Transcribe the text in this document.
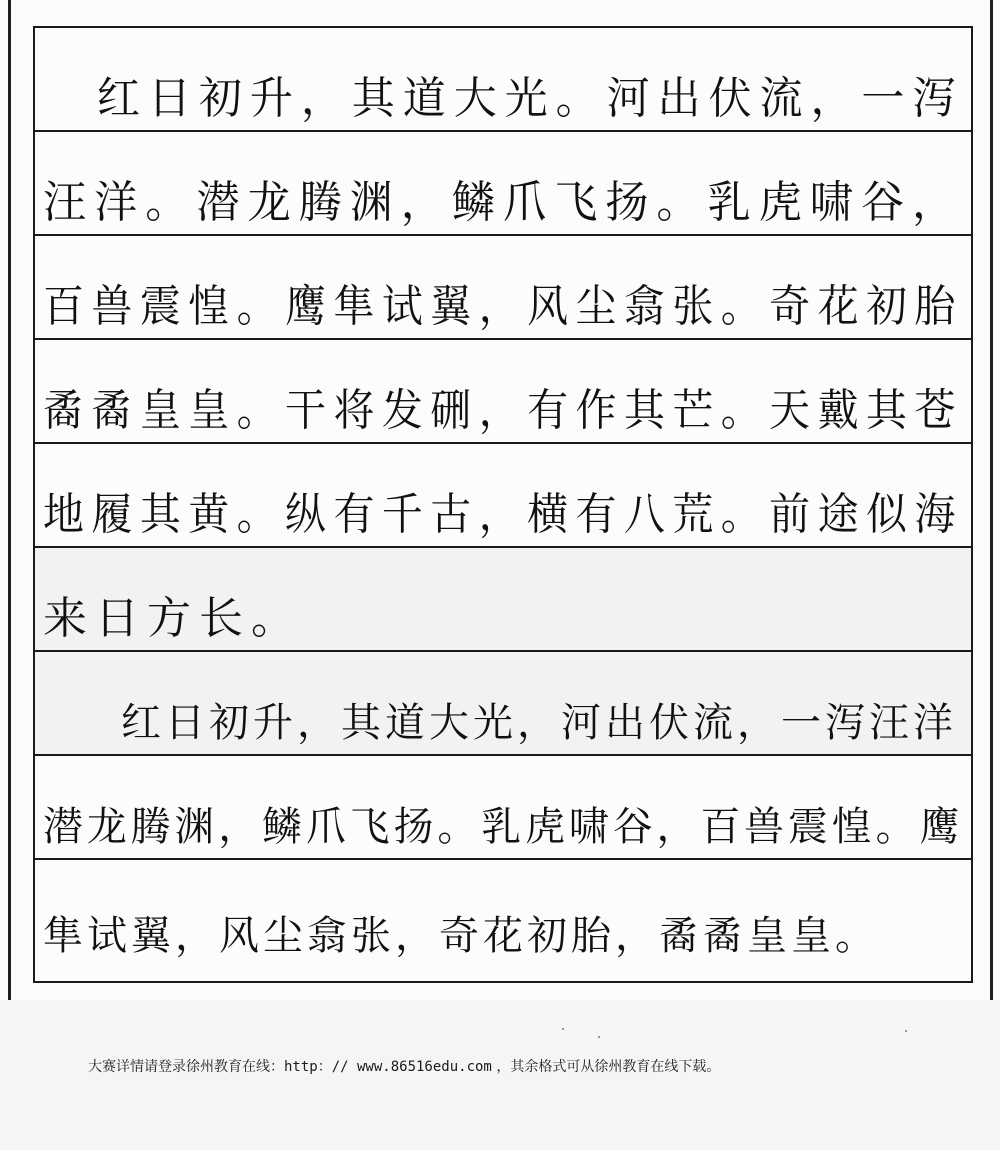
红日初升，其道大光。河出伏流，一泻
汪洋。潜龙腾渊，鳞爪飞扬。乳虎啸谷，
百兽震惶。鹰隼试翼，风尘翕张。奇花初胎
矞矞皇皇。干将发硎，有作其芒。天戴其苍
地履其黄。纵有千古，横有八荒。前途似海
来日方长。
红日初升，其道大光，河出伏流，一泻汪洋
潜龙腾渊，鳞爪飞扬。乳虎啸谷，百兽震惶。鹰
隼试翼，风尘翕张，奇花初胎，矞矞皇皇。
大赛详情请登录徐州教育在线：http：// www.86516edu.com ，其余格式可从徐州教育在线下载。
